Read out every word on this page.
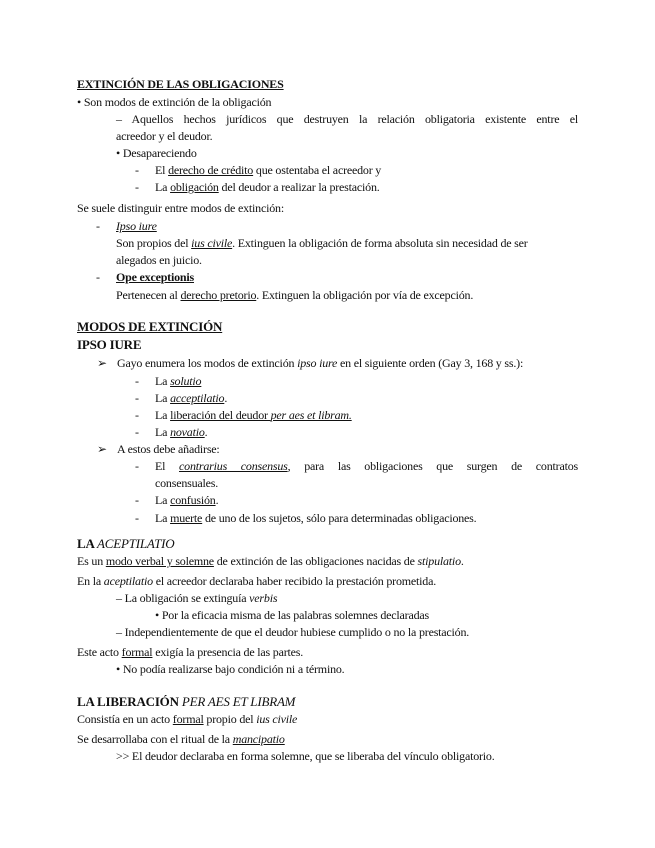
EXTINCIÓN DE LAS OBLIGACIONES
• Son modos de extinción de la obligación
– Aquellos hechos jurídicos que destruyen la relación obligatoria existente entre el
acreedor y el deudor.
• Desapareciendo
- El derecho de crédito que ostentaba el acreedor y
- La obligación del deudor a realizar la prestación.
Se suele distinguir entre modos de extinción:
- Ipso iure
Son propios del ius civile. Extinguen la obligación de forma absoluta sin necesidad de ser
alegados en juicio.
- Ope exceptionis
Pertenecen al derecho pretorio. Extinguen la obligación por vía de excepción.
MODOS DE EXTINCIÓN
IPSO IURE
➢ Gayo enumera los modos de extinción ipso iure en el siguiente orden (Gay 3, 168 y ss.):
- La solutio
- La acceptilatio.
- La liberación del deudor per aes et libram.
- La novatio.
➢ A estos debe añadirse:
- El contrarius consensus, para las obligaciones que surgen de contratos
consensuales.
- La confusión.
- La muerte de uno de los sujetos, sólo para determinadas obligaciones.
LA ACEPTILATIO
Es un modo verbal y solemne de extinción de las obligaciones nacidas de stipulatio.
En la aceptilatio el acreedor declaraba haber recibido la prestación prometida.
– La obligación se extinguía verbis
• Por la eficacia misma de las palabras solemnes declaradas
– Independientemente de que el deudor hubiese cumplido o no la prestación.
Este acto formal exigía la presencia de las partes.
• No podía realizarse bajo condición ni a término.
LA LIBERACIÓN PER AES ET LIBRAM
Consistía en un acto formal propio del ius civile
Se desarrollaba con el ritual de la mancipatio
>> El deudor declaraba en forma solemne, que se liberaba del vínculo obligatorio.
